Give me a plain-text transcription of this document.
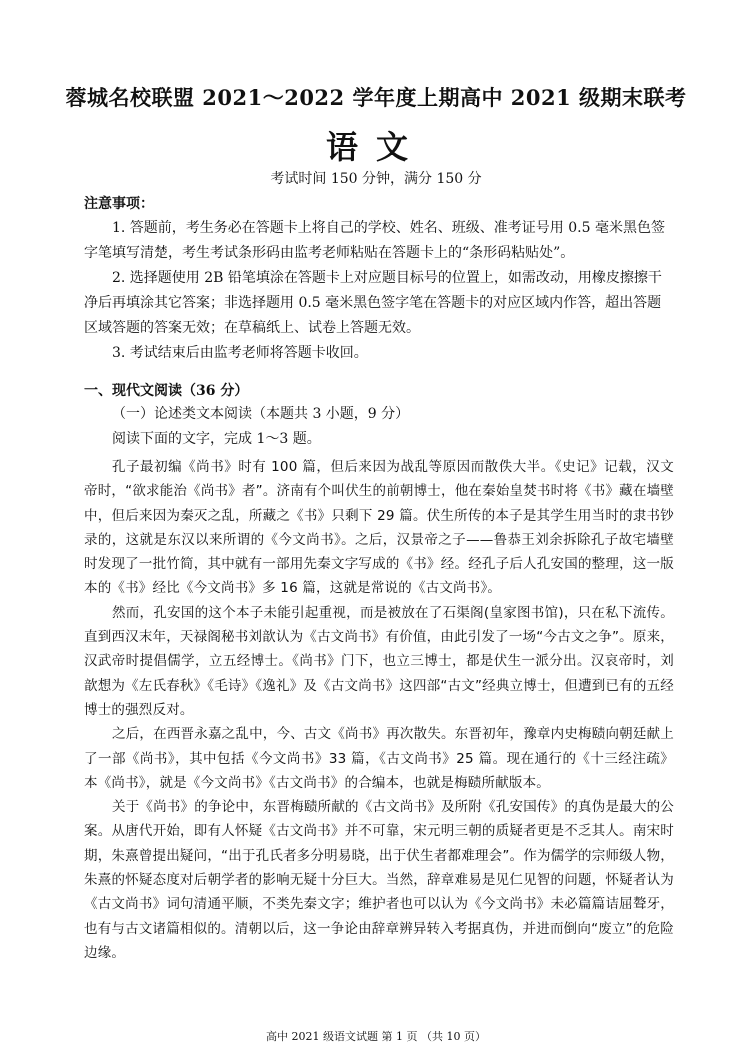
蓉城名校联盟 2021～2022 学年度上期高中 2021 级期末联考
语文
考试时间 150 分钟，满分 150 分
注意事项：

1. 答题前，考生务必在答题卡上将自己的学校、姓名、班级、准考证号用 0.5 毫米黑色签字笔填写清楚，考生考试条形码由监考老师粘贴在答题卡上的“条形码粘贴处”。

2. 选择题使用 2B 铅笔填涂在答题卡上对应题目标号的位置上，如需改动，用橡皮擦擦干净后再填涂其它答案；非选择题用 0.5 毫米黑色签字笔在答题卡的对应区域内作答，超出答题区域答题的答案无效；在草稿纸上、试卷上答题无效。

3. 考试结束后由监考老师将答题卡收回。

一、现代文阅读（36 分）
（一）论述类文本阅读（本题共 3 小题，9 分）
阅读下面的文字，完成 1～3 题。

孔子最初编《尚书》时有 100 篇，但后来因为战乱等原因而散佚大半。《史记》记载，汉文帝时，“欲求能治《尚书》者”。济南有个叫伏生的前朝博士，他在秦始皇焚书时将《书》藏在墙壁中，但后来因为秦灭之乱，所藏之《书》只剩下 29 篇。伏生所传的本子是其学生用当时的隶书钞录的，这就是东汉以来所谓的《今文尚书》。之后，汉景帝之子——鲁恭王刘余拆除孔子故宅墙壁时发现了一批竹简，其中就有一部用先秦文字写成的《书》经。经孔子后人孔安国的整理，这一版本的《书》经比《今文尚书》多 16 篇，这就是常说的《古文尚书》。

然而，孔安国的这个本子未能引起重视，而是被放在了石渠阁(皇家图书馆)，只在私下流传。直到西汉末年，天禄阁秘书刘歆认为《古文尚书》有价值，由此引发了一场“今古文之争”。原来，汉武帝时提倡儒学，立五经博士。《尚书》门下，也立三博士，都是伏生一派分出。汉哀帝时，刘歆想为《左氏春秋》《毛诗》《逸礼》及《古文尚书》这四部“古文”经典立博士，但遭到已有的五经博士的强烈反对。

之后，在西晋永嘉之乱中，今、古文《尚书》再次散失。东晋初年，豫章内史梅赜向朝廷献上了一部《尚书》，其中包括《今文尚书》33 篇，《古文尚书》25 篇。现在通行的《十三经注疏》本《尚书》，就是《今文尚书》《古文尚书》的合编本，也就是梅赜所献版本。

关于《尚书》的争论中，东晋梅赜所献的《古文尚书》及所附《孔安国传》的真伪是最大的公案。从唐代开始，即有人怀疑《古文尚书》并不可靠，宋元明三朝的质疑者更是不乏其人。南宋时期，朱熹曾提出疑问，“出于孔氏者多分明易晓，出于伏生者都难理会”。作为儒学的宗师级人物，朱熹的怀疑态度对后朝学者的影响无疑十分巨大。当然，辞章难易是见仁见智的问题，怀疑者认为《古文尚书》词句清通平顺，不类先秦文字；维护者也可以认为《今文尚书》未必篇篇诘屈聱牙，也有与古文诸篇相似的。清朝以后，这一争论由辞章辨异转入考据真伪，并进而倒向“废立”的危险边缘。

高中 2021 级语文试题 第 1 页 （共 10 页）
